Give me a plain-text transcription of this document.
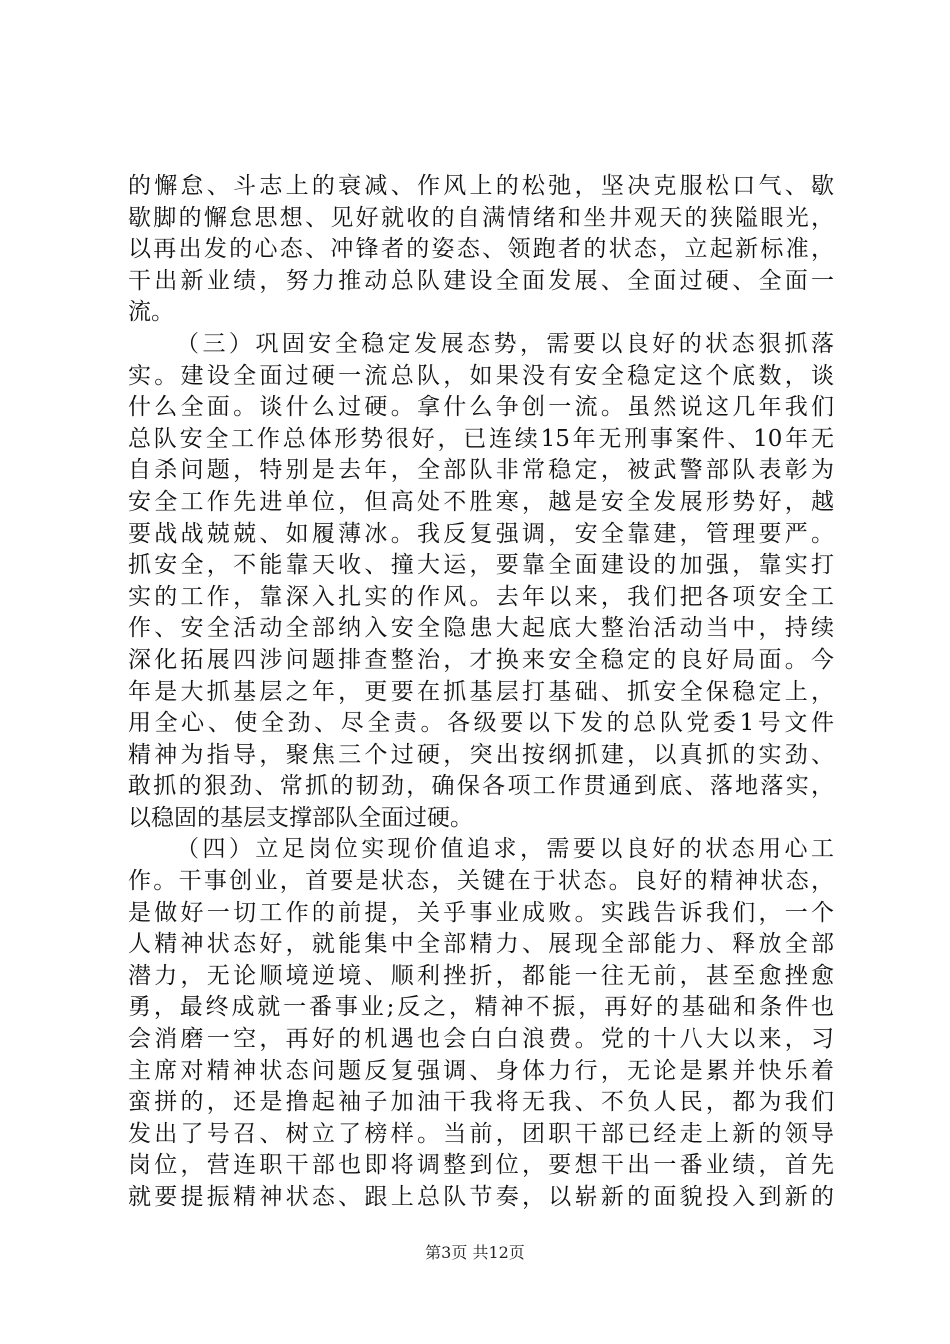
的懈怠、斗志上的衰减、作风上的松弛，坚决克服松口气、歇
歇脚的懈怠思想、见好就收的自满情绪和坐井观天的狭隘眼光，
以再出发的心态、冲锋者的姿态、领跑者的状态，立起新标准，
干出新业绩，努力推动总队建设全面发展、全面过硬、全面一
流。
（三）巩固安全稳定发展态势，需要以良好的状态狠抓落
实。建设全面过硬一流总队，如果没有安全稳定这个底数，谈
什么全面。谈什么过硬。拿什么争创一流。虽然说这几年我们
总队安全工作总体形势很好，已连续15年无刑事案件、10年无
自杀问题，特别是去年，全部队非常稳定，被武警部队表彰为
安全工作先进单位，但高处不胜寒，越是安全发展形势好，越
要战战兢兢、如履薄冰。我反复强调，安全靠建，管理要严。
抓安全，不能靠天收、撞大运，要靠全面建设的加强，靠实打
实的工作，靠深入扎实的作风。去年以来，我们把各项安全工
作、安全活动全部纳入安全隐患大起底大整治活动当中，持续
深化拓展四涉问题排查整治，才换来安全稳定的良好局面。今
年是大抓基层之年，更要在抓基层打基础、抓安全保稳定上，
用全心、使全劲、尽全责。各级要以下发的总队党委1号文件
精神为指导，聚焦三个过硬，突出按纲抓建，以真抓的实劲、
敢抓的狠劲、常抓的韧劲，确保各项工作贯通到底、落地落实，
以稳固的基层支撑部队全面过硬。
（四）立足岗位实现价值追求，需要以良好的状态用心工
作。干事创业，首要是状态，关键在于状态。良好的精神状态，
是做好一切工作的前提，关乎事业成败。实践告诉我们，一个
人精神状态好，就能集中全部精力、展现全部能力、释放全部
潜力，无论顺境逆境、顺利挫折，都能一往无前，甚至愈挫愈
勇，最终成就一番事业;反之，精神不振，再好的基础和条件也
会消磨一空，再好的机遇也会白白浪费。党的十八大以来，习
主席对精神状态问题反复强调、身体力行，无论是累并快乐着
蛮拼的，还是撸起袖子加油干我将无我、不负人民，都为我们
发出了号召、树立了榜样。当前，团职干部已经走上新的领导
岗位，营连职干部也即将调整到位，要想干出一番业绩，首先
就要提振精神状态、跟上总队节奏，以崭新的面貌投入到新的
第3页 共12页
